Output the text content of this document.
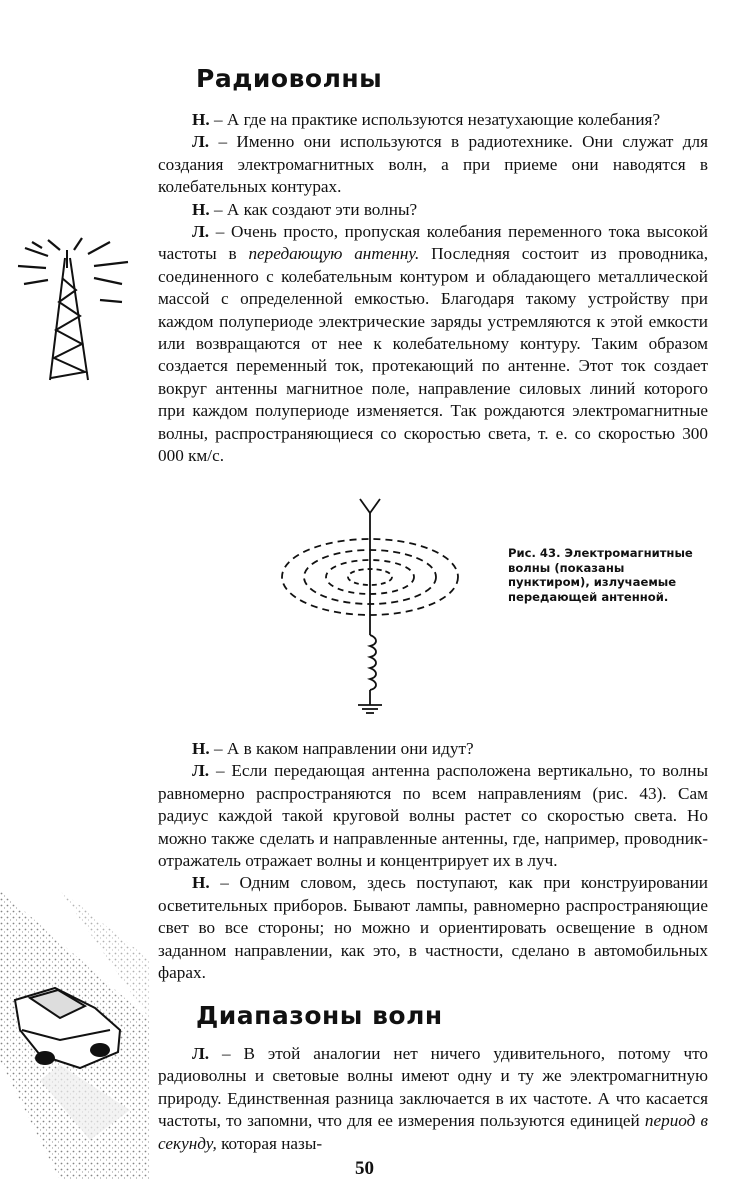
Радиоволны

Н. – А где на практике используются незатухающие колебания?

Л. – Именно они используются в радиотехнике. Они служат для создания электромагнитных волн, а при приеме они наводятся в колебательных контурах.

Н. – А как создают эти волны?

Л. – Очень просто, пропуская колебания переменного тока высокой частоты в передающую антенну. Последняя состоит из проводника, соединенного с колебательным контуром и обладающего металлической массой с определенной емкостью. Благодаря такому устройству при каждом полупериоде электрические заряды устремляются к этой емкости или возвращаются от нее к колебательному контуру. Таким образом создается переменный ток, протекающий по антенне. Этот ток создает вокруг антенны магнитное поле, направление силовых линий которого при каждом полупериоде изменяется. Так рождаются электромагнитные волны, распространяющиеся со скоростью света, т. е. со скоростью 300 000 км/с.

Рис. 43. Электромагнитные волны (показаны пунктиром), излучаемые передающей антенной.

Н. – А в каком направлении они идут?

Л. – Если передающая антенна расположена вертикально, то волны равномерно распространяются по всем направлениям (рис. 43). Сам радиус каждой такой круговой волны растет со скоростью света. Но можно также сделать и направленные антенны, где, например, проводник-отражатель отражает волны и концентрирует их в луч.

Н. – Одним словом, здесь поступают, как при конструировании осветительных приборов. Бывают лампы, равномерно распространяющие свет во все стороны; но можно и ориентировать освещение в одном заданном направлении, как это, в частности, сделано в автомобильных фарах.

Диапазоны волн

Л. – В этой аналогии нет ничего удивительного, потому что радиоволны и световые волны имеют одну и ту же электромагнитную природу. Единственная разница заключается в их частоте. А что касается частоты, то запомни, что для ее измерения пользуются единицей период в секунду, которая назы-

50
